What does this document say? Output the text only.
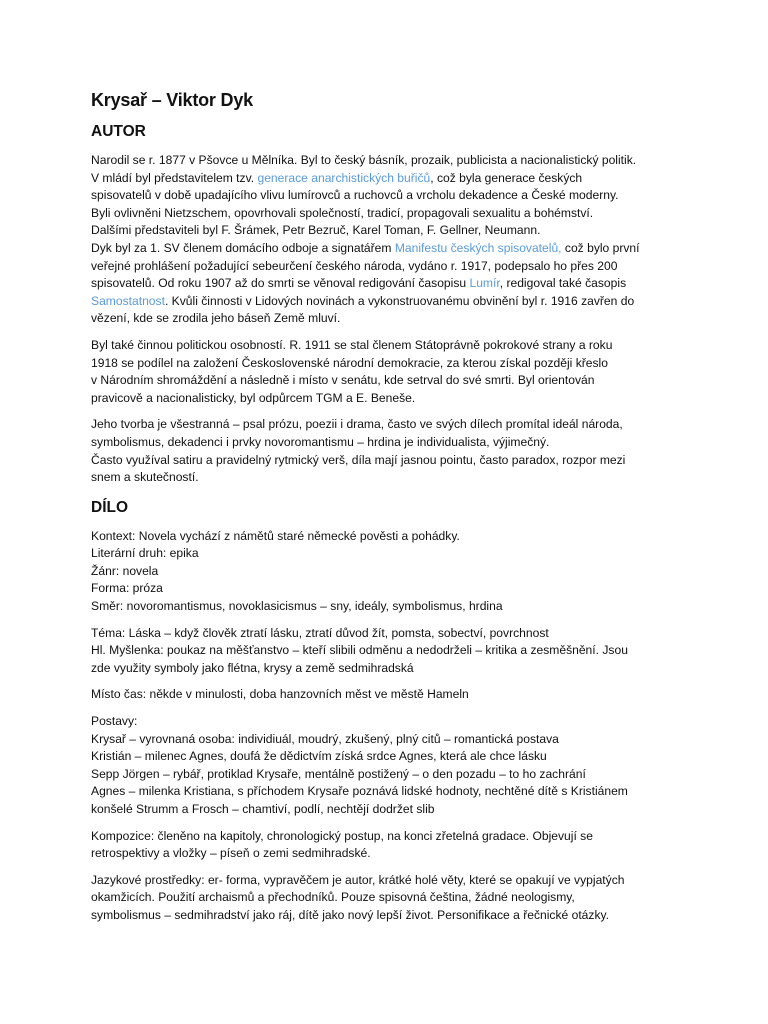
Krysař – Viktor Dyk
AUTOR

Narodil se r. 1877 v Pšovce u Mělníka. Byl to český básník, prozaik, publicista a nacionalistický politik.
V mládí byl představitelem tzv. generace anarchistických buřičů, což byla generace českých
spisovatelů v době upadajícího vlivu lumírovců a ruchovců a vrcholu dekadence a České moderny.
Byli ovlivněni Nietzschem, opovrhovali společností, tradicí, propagovali sexualitu a bohémství.
Dalšími představiteli byl F. Šrámek, Petr Bezruč, Karel Toman, F. Gellner, Neumann.
Dyk byl za 1. SV členem domácího odboje a signatářem Manifestu českých spisovatelů, což bylo první
veřejné prohlášení požadující sebeurčení českého národa, vydáno r. 1917, podepsalo ho přes 200
spisovatelů. Od roku 1907 až do smrti se věnoval redigování časopisu Lumír, redigoval také časopis
Samostatnost. Kvůli činnosti v Lidových novinách a vykonstruovanému obvinění byl r. 1916 zavřen do
vězení, kde se zrodila jeho báseň Země mluví.

Byl také činnou politickou osobností. R. 1911 se stal členem Státoprávně pokrokové strany a roku
1918 se podílel na založení Československé národní demokracie, za kterou získal později křeslo
v Národním shromáždění a následně i místo v senátu, kde setrval do své smrti. Byl orientován
pravicově a nacionalisticky, byl odpůrcem TGM a E. Beneše.

Jeho tvorba je všestranná – psal prózu, poezii i drama, často ve svých dílech promítal ideál národa,
symbolismus, dekadenci i prvky novoromantismu – hrdina je individualista, výjimečný.
Často využíval satiru a pravidelný rytmický verš, díla mají jasnou pointu, často paradox, rozpor mezi
snem a skutečností.

DÍLO

Kontext: Novela vychází z námětů staré německé pověsti a pohádky.
Literární druh: epika
Žánr: novela
Forma: próza
Směr: novoromantismus, novoklasicismus – sny, ideály, symbolismus, hrdina

Téma: Láska – když člověk ztratí lásku, ztratí důvod žít, pomsta, sobectví, povrchnost
Hl. Myšlenka: poukaz na měšťanstvo – kteří slibili odměnu a nedodrželi – kritika a zesměšnění. Jsou
zde využity symboly jako flétna, krysy a země sedmihradská

Místo čas: někde v minulosti, doba hanzovních měst ve městě Hameln

Postavy:
Krysař – vyrovnaná osoba: individiuál, moudrý, zkušený, plný citů – romantická postava
Kristián – milenec Agnes, doufá že dědictvím získá srdce Agnes, která ale chce lásku
Sepp Jörgen – rybář, protiklad Krysaře, mentálně postižený – o den pozadu – to ho zachrání
Agnes – milenka Kristiana, s příchodem Krysaře poznává lidské hodnoty, nechtěné dítě s Kristiánem
konšelé Strumm a Frosch – chamtiví, podlí, nechtějí dodržet slib

Kompozice: členěno na kapitoly, chronologický postup, na konci zřetelná gradace. Objevují se
retrospektivy a vložky – píseň o zemi sedmihradské.

Jazykové prostředky: er- forma, vypravěčem je autor, krátké holé věty, které se opakují ve vypjatých
okamžicích. Použití archaismů a přechodníků. Pouze spisovná čeština, žádné neologismy,
symbolismus – sedmihradství jako ráj, dítě jako nový lepší život. Personifikace a řečnické otázky.
